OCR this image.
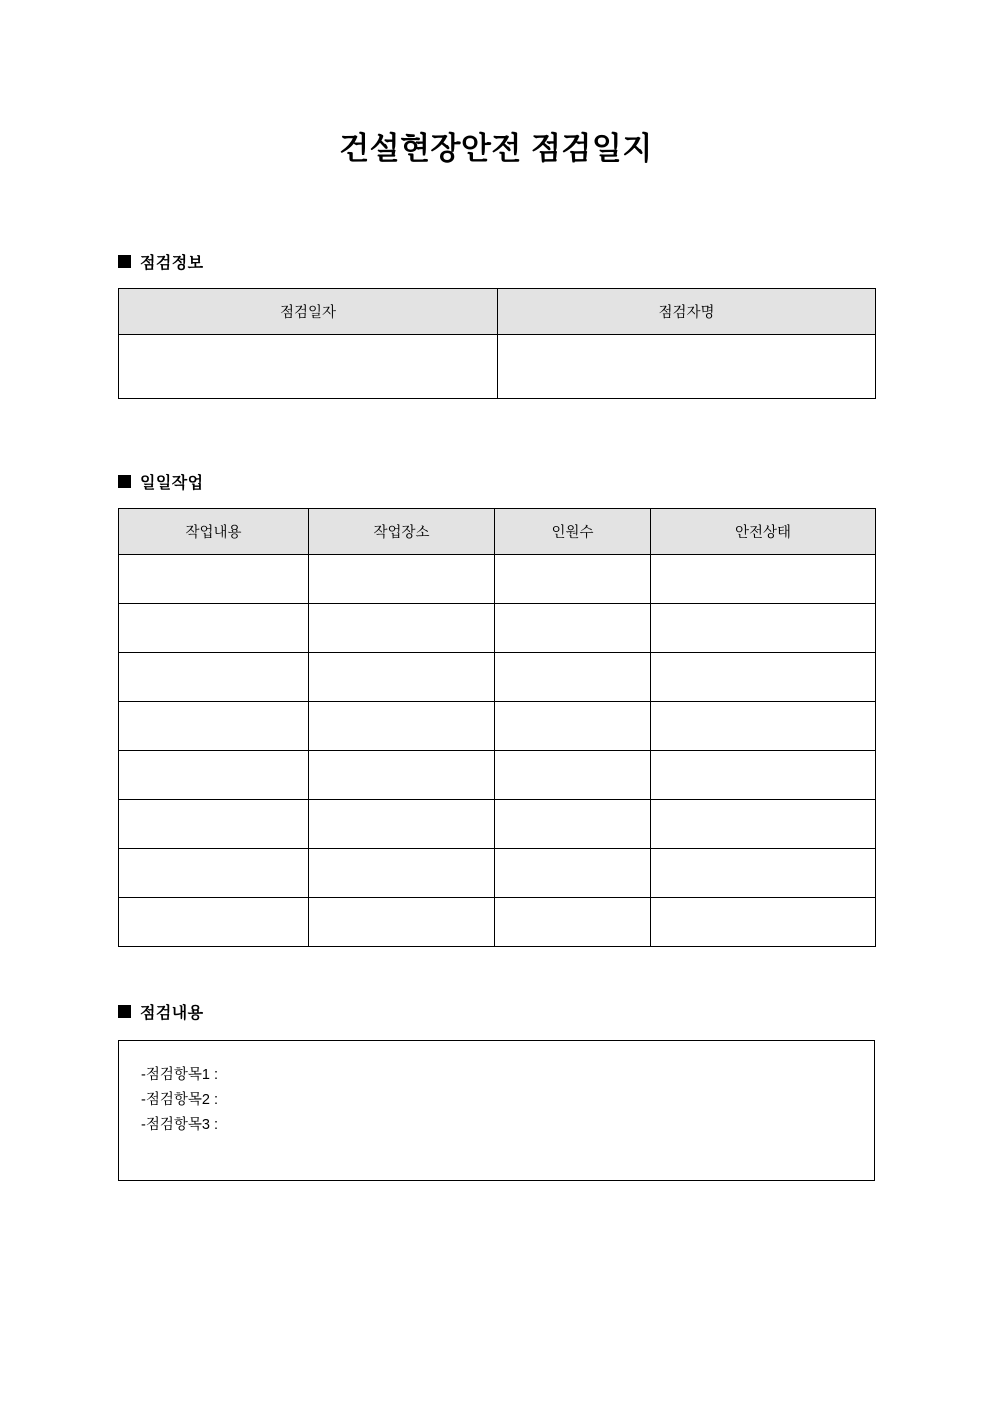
건설현장안전 점검일지
점검정보
점검일자	점검자명

일일작업
작업내용	작업장소	인원수	안전상태

점검내용
-점검항목1 :
-점검항목2 :
-점검항목3 :
